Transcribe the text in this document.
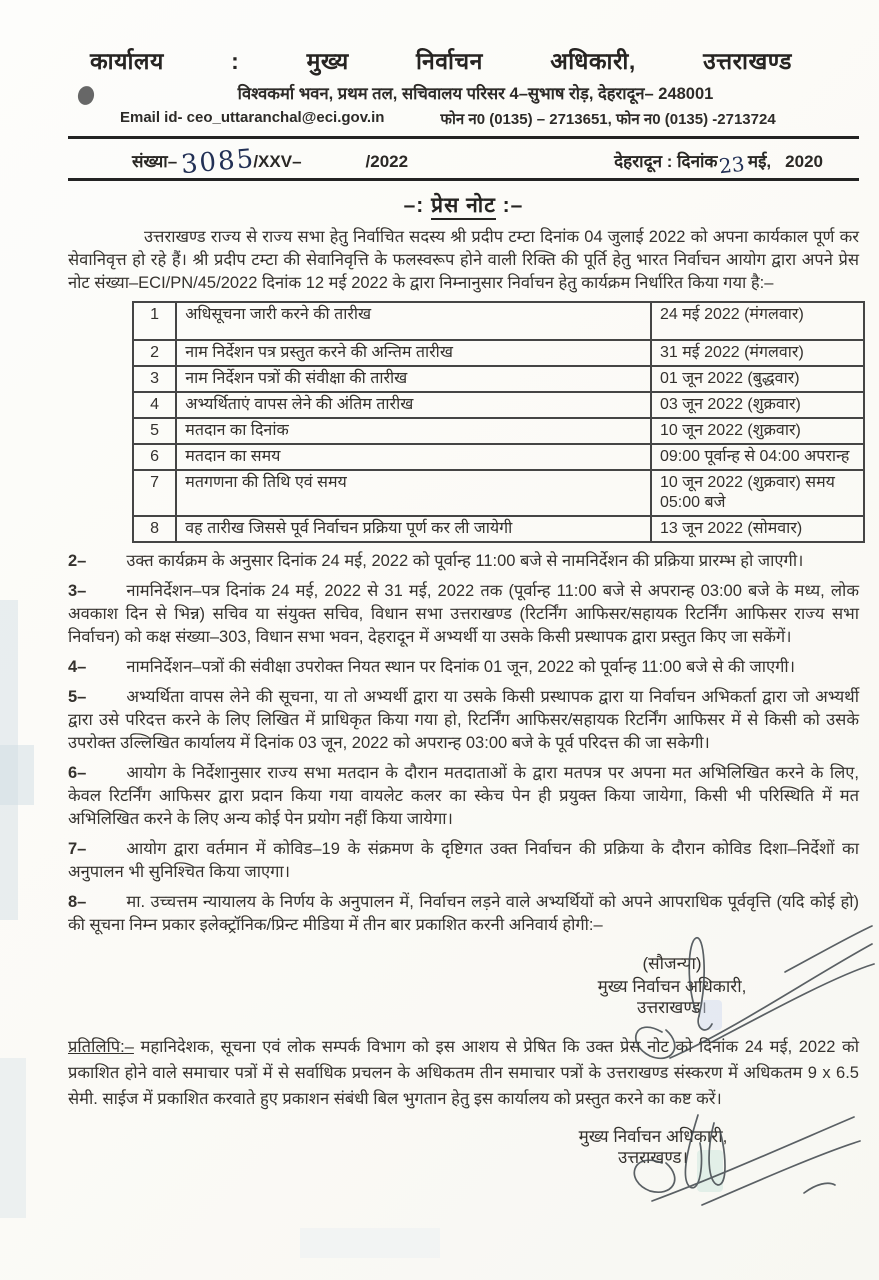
कार्यालय : मुख्य निर्वाचन अधिकारी, उत्तराखण्ड
विश्वकर्मा भवन, प्रथम तल, सचिवालय परिसर 4–सुभाष रोड़, देहरादून– 248001
Email id- ceo_uttaranchal@eci.gov.in	फोन न0 (0135) – 2713651, फोन न0 (0135) -2713724
संख्या– 3085
/XXV–	/2022	देहरादून : दिनांक 23 मई, 2020
–: प्रेस नोट :–
उत्तराखण्ड राज्य से राज्य सभा हेतु निर्वाचित सदस्य श्री प्रदीप टम्टा दिनांक 04 जुलाई 2022 को अपना कार्यकाल पूर्ण कर सेवानिवृत्त हो रहे हैं। श्री प्रदीप टम्टा की सेवानिवृत्ति के फलस्वरूप होने वाली रिक्ति की पूर्ति हेतु भारत निर्वाचन आयोग द्वारा अपने प्रेस नोट संख्या–ECI/PN/45/2022 दिनांक 12 मई 2022 के द्वारा निम्नानुसार निर्वाचन हेतु कार्यक्रम निर्धारित किया गया है:–
1	अधिसूचना जारी करने की तारीख	24 मई 2022 (मंगलवार)
2	नाम निर्देशन पत्र प्रस्तुत करने की अन्तिम तारीख	31 मई 2022 (मंगलवार)
3	नाम निर्देशन पत्रों की संवीक्षा की तारीख	01 जून 2022 (बुद्धवार)
4	अभ्यर्थिताएं वापस लेने की अंतिम तारीख	03 जून 2022 (शुक्रवार)
5	मतदान का दिनांक	10 जून 2022 (शुक्रवार)
6	मतदान का समय	09:00 पूर्वान्ह से 04:00 अपरान्ह
7	मतगणना की तिथि एवं समय	10 जून 2022 (शुक्रवार) समय 05:00 बजे
8	वह तारीख जिससे पूर्व निर्वाचन प्रक्रिया पूर्ण कर ली जायेगी	13 जून 2022 (सोमवार)
2– उक्त कार्यक्रम के अनुसार दिनांक 24 मई, 2022 को पूर्वान्ह 11:00 बजे से नामनिर्देशन की प्रक्रिया प्रारम्भ हो जाएगी।
3– नामनिर्देशन–पत्र दिनांक 24 मई, 2022 से 31 मई, 2022 तक (पूर्वान्ह 11:00 बजे से अपरान्ह 03:00 बजे के मध्य, लोक अवकाश दिन से भिन्न) सचिव या संयुक्त सचिव, विधान सभा उत्तराखण्ड (रिटर्निंग आफिसर/सहायक रिटर्निंग आफिसर राज्य सभा निर्वाचन) को कक्ष संख्या–303, विधान सभा भवन, देहरादून में अभ्यर्थी या उसके किसी प्रस्थापक द्वारा प्रस्तुत किए जा सकेंगें।
4– नामनिर्देशन–पत्रों की संवीक्षा उपरोक्त नियत स्थान पर दिनांक 01 जून, 2022 को पूर्वान्ह 11:00 बजे से की जाएगी।
5– अभ्यर्थिता वापस लेने की सूचना, या तो अभ्यर्थी द्वारा या उसके किसी प्रस्थापक द्वारा या निर्वाचन अभिकर्ता द्वारा जो अभ्यर्थी द्वारा उसे परिदत्त करने के लिए लिखित में प्राधिकृत किया गया हो, रिटर्निंग आफिसर/सहायक रिटर्निंग आफिसर में से किसी को उसके उपरोक्त उल्लिखित कार्यालय में दिनांक 03 जून, 2022 को अपरान्ह 03:00 बजे के पूर्व परिदत्त की जा सकेगी।
6– आयोग के निर्देशानुसार राज्य सभा मतदान के दौरान मतदाताओं के द्वारा मतपत्र पर अपना मत अभिलिखित करने के लिए, केवल रिटर्निंग आफिसर द्वारा प्रदान किया गया वायलेट कलर का स्केच पेन ही प्रयुक्त किया जायेगा, किसी भी परिस्थिति में मत अभिलिखित करने के लिए अन्य कोई पेन प्रयोग नहीं किया जायेगा।
7– आयोग द्वारा वर्तमान में कोविड–19 के संक्रमण के दृष्टिगत उक्त निर्वाचन की प्रक्रिया के दौरान कोविड दिशा–निर्देशों का अनुपालन भी सुनिश्चित किया जाएगा।
8– मा. उच्चत्तम न्यायालय के निर्णय के अनुपालन में, निर्वाचन लड़ने वाले अभ्यर्थियों को अपने आपराधिक पूर्ववृत्ति (यदि कोई हो) की सूचना निम्न प्रकार इलेक्ट्रॉनिक/प्रिन्ट मीडिया में तीन बार प्रकाशित करनी अनिवार्य होगी:–
(सौजन्या)
मुख्य निर्वाचन अधिकारी,
उत्तराखण्ड।
प्रतिलिपि:– महानिदेशक, सूचना एवं लोक सम्पर्क विभाग को इस आशय से प्रेषित कि उक्त प्रेस नोट को दिनांक 24 मई, 2022 को प्रकाशित होने वाले समाचार पत्रों में से सर्वाधिक प्रचलन के अधिकतम तीन समाचार पत्रों के उत्तराखण्ड संस्करण में अधिकतम 9 x 6.5 सेमी. साईज में प्रकाशित करवाते हुए प्रकाशन संबंधी बिल भुगतान हेतु इस कार्यालय को प्रस्तुत करने का कष्ट करें।
मुख्य निर्वाचन अधिकारी,
उत्तराखण्ड।
